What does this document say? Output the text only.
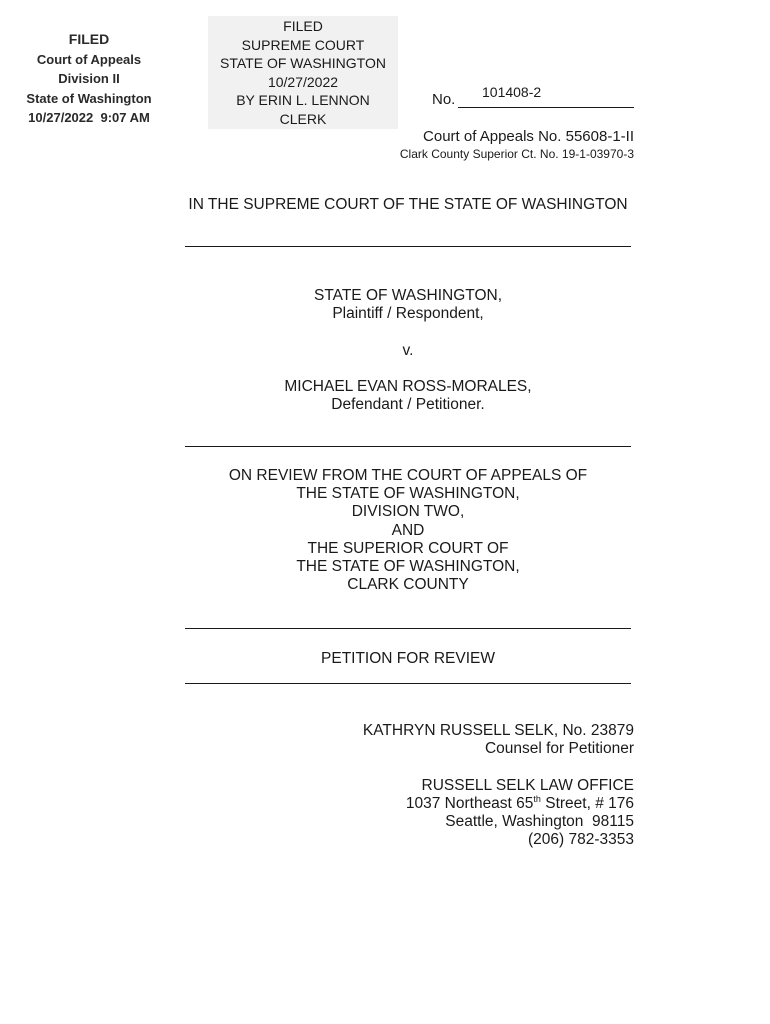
FILED
Court of Appeals
Division II
State of Washington
10/27/2022  9:07 AM
FILED
SUPREME COURT
STATE OF WASHINGTON
10/27/2022
BY ERIN L. LENNON
CLERK
No. 101408-2
Court of Appeals No. 55608-1-II
Clark County Superior Ct. No. 19-1-03970-3
IN THE SUPREME COURT OF THE STATE OF WASHINGTON
STATE OF WASHINGTON,
Plaintiff / Respondent,
v.
MICHAEL EVAN ROSS-MORALES,
Defendant / Petitioner.
ON REVIEW FROM THE COURT OF APPEALS OF
THE STATE OF WASHINGTON,
DIVISION TWO,
AND
THE SUPERIOR COURT OF
THE STATE OF WASHINGTON,
CLARK COUNTY
PETITION FOR REVIEW
KATHRYN RUSSELL SELK, No. 23879
Counsel for Petitioner
RUSSELL SELK LAW OFFICE
1037 Northeast 65th Street, # 176
Seattle, Washington  98115
(206) 782-3353
